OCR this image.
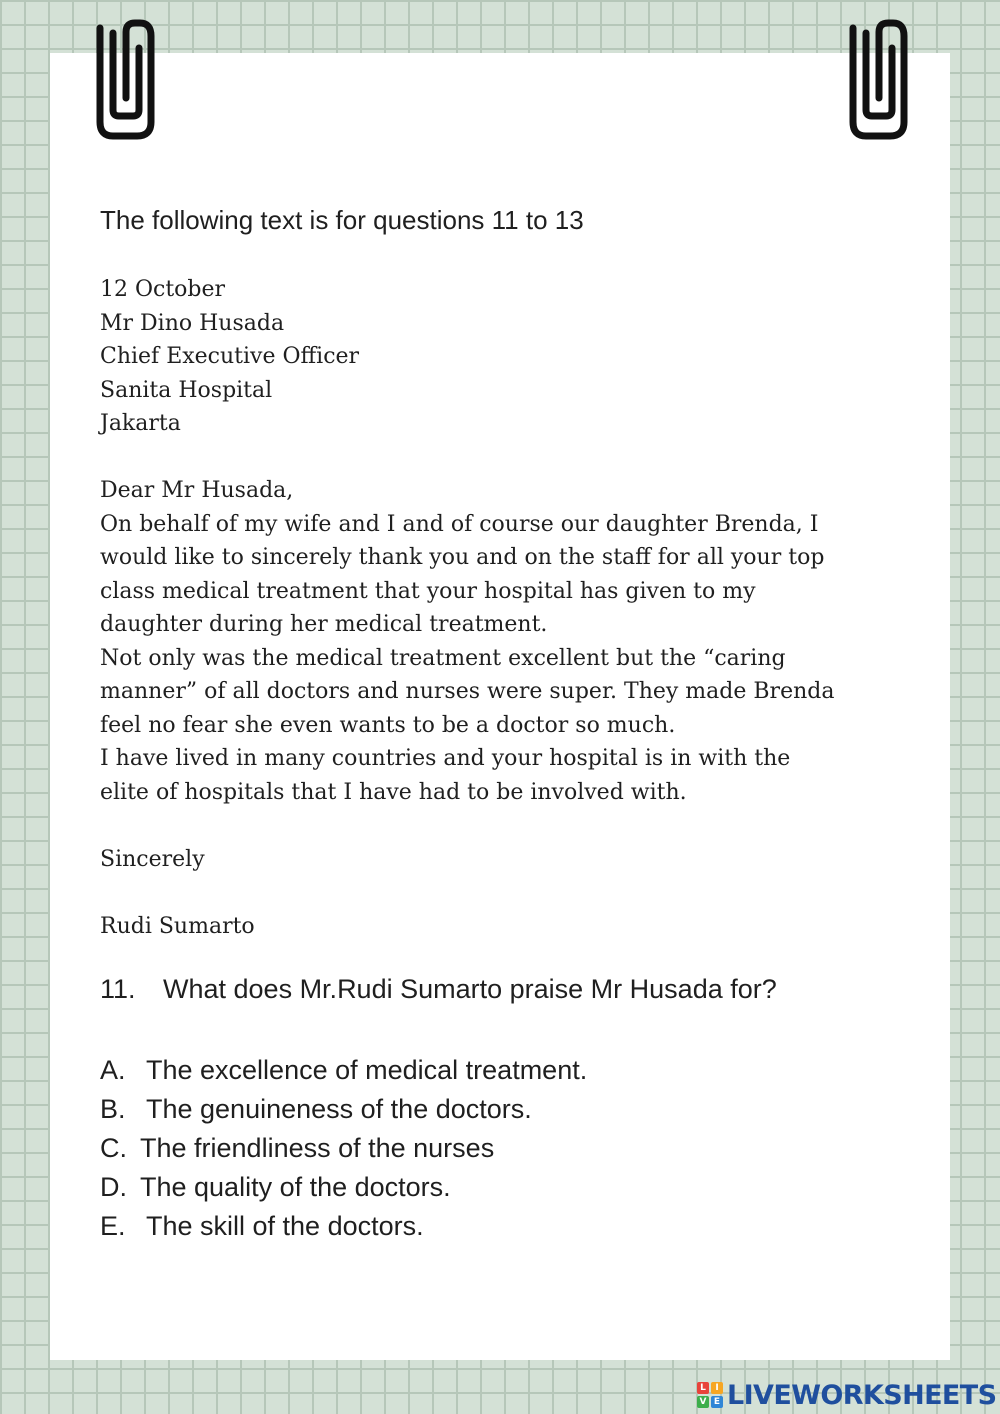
The following text is for questions 11 to 13

12 October
Mr Dino Husada
Chief Executive Officer
Sanita Hospital
Jakarta
Dear Mr Husada,
On behalf of my wife and I and of course our daughter Brenda, I
would like to sincerely thank you and on the staff for all your top
class medical treatment that your hospital has given to my
daughter during her medical treatment.
Not only was the medical treatment excellent but the “caring
manner” of all doctors and nurses were super. They made Brenda
feel no fear she even wants to be a doctor so much.
I have lived in many countries and your hospital is in with the
elite of hospitals that I have had to be involved with.
Sincerely
Rudi Sumarto
11. What does Mr.Rudi Sumarto praise Mr Husada for?
A. The excellence of medical treatment.
B. The genuineness of the doctors.
C. The friendliness of the nurses
D. The quality of the doctors.
E. The skill of the doctors.
L	I
V E LIVEWORKSHEETS
